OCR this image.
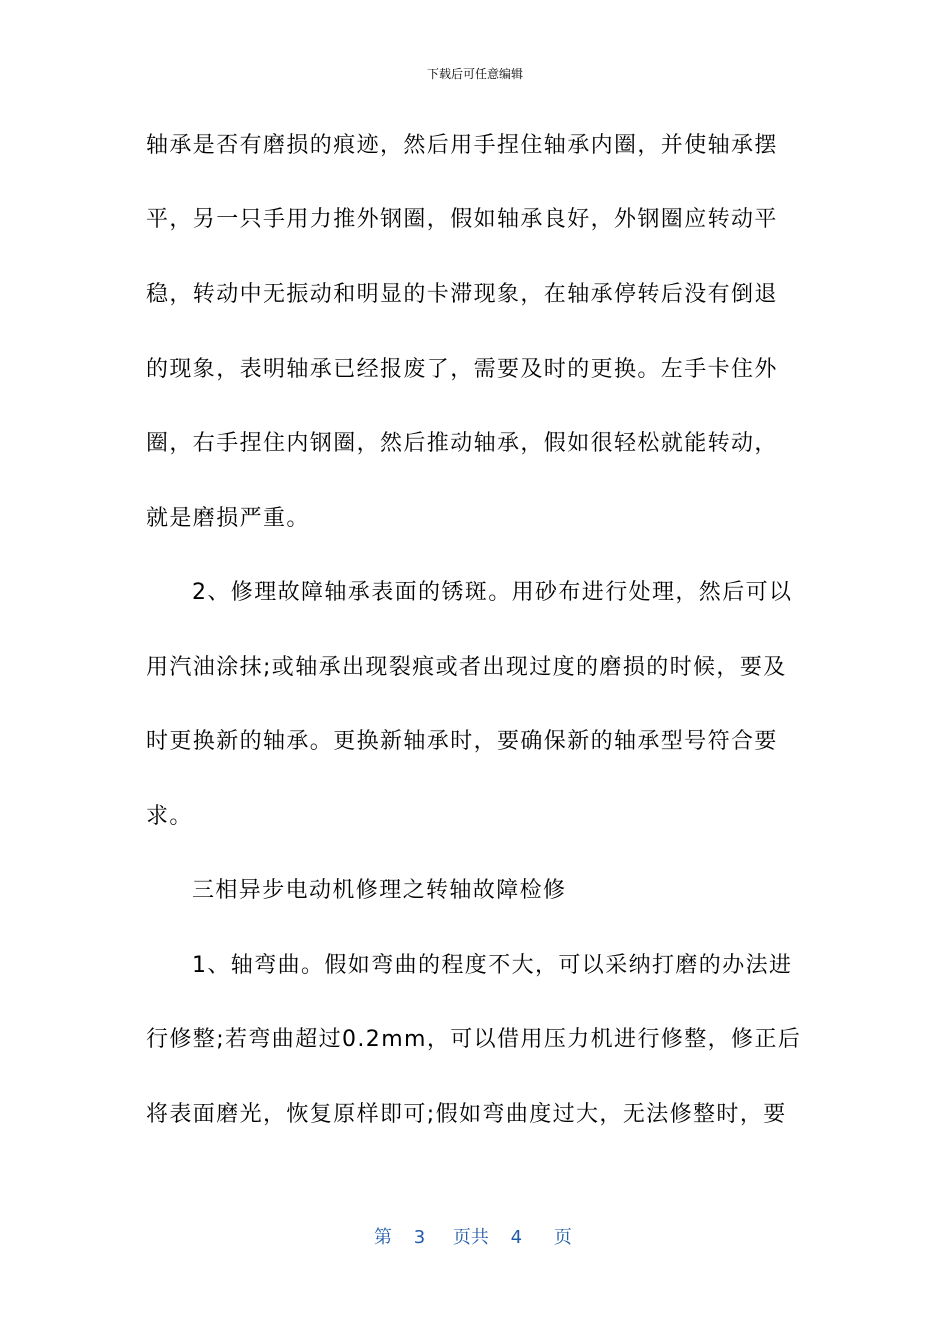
下载后可任意编辑
轴承是否有磨损的痕迹，然后用手捏住轴承内圈，并使轴承摆
平，另一只手用力推外钢圈，假如轴承良好，外钢圈应转动平
稳，转动中无振动和明显的卡滞现象，在轴承停转后没有倒退
的现象，表明轴承已经报废了，需要及时的更换。左手卡住外
圈，右手捏住内钢圈，然后推动轴承，假如很轻松就能转动，
就是磨损严重。
2、修理故障轴承表面的锈斑。用砂布进行处理，然后可以
用汽油涂抹;或轴承出现裂痕或者出现过度的磨损的时候，要及
时更换新的轴承。更换新轴承时，要确保新的轴承型号符合要
求。
三相异步电动机修理之转轴故障检修
1、轴弯曲。假如弯曲的程度不大，可以采纳打磨的办法进
行修整;若弯曲超过0.2mm，可以借用压力机进行修整，修正后
将表面磨光，恢复原样即可;假如弯曲度过大，无法修整时，要
第 3 页共 4 页
